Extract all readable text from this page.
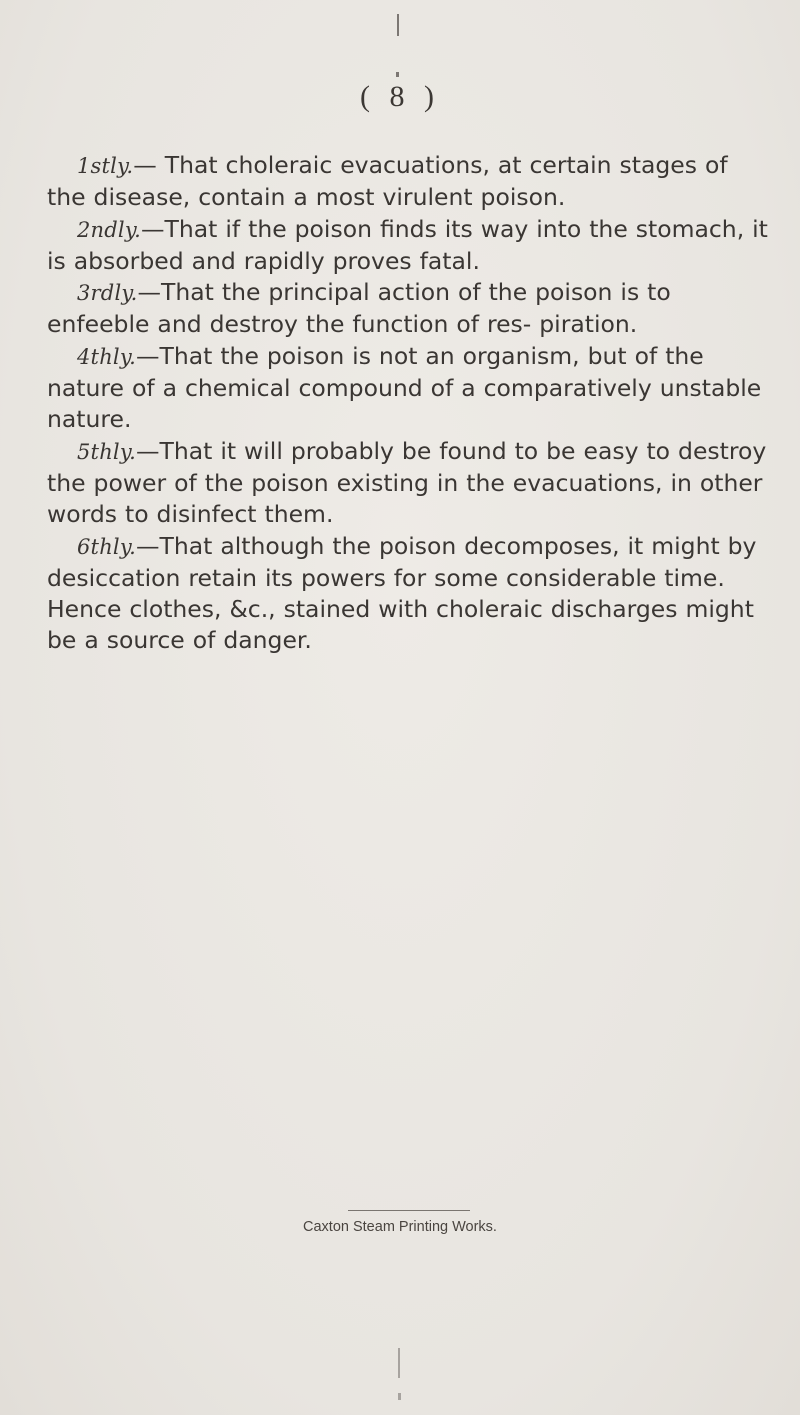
( 8 )

1stly.— That choleraic evacuations, at certain stages of the disease, contain a most virulent poison.

2ndly.—That if the poison finds its way into the stomach, it is absorbed and rapidly proves fatal.

3rdly.—That the principal action of the poison is to enfeeble and destroy the function of res- piration.

4thly.—That the poison is not an organism, but of the nature of a chemical compound of a comparatively unstable nature.

5thly.—That it will probably be found to be easy to destroy the power of the poison existing in the evacuations, in other words to disinfect them.

6thly.—That although the poison decomposes, it might by desiccation retain its powers for some considerable time. Hence clothes, &c., stained with choleraic discharges might be a source of danger.

Caxton Steam Printing Works.
